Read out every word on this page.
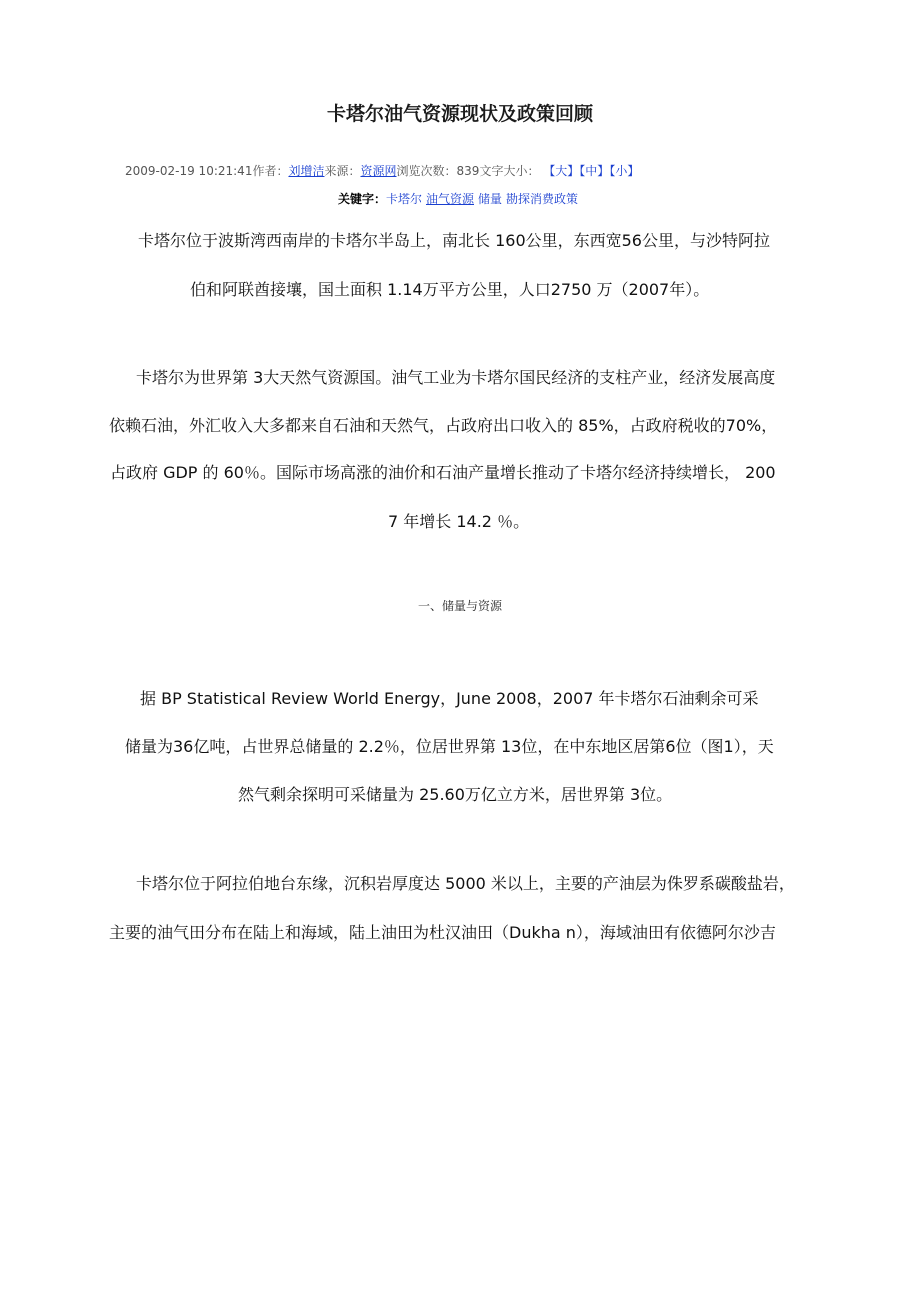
卡塔尔油气资源现状及政策回顾
2009-02-19 10:21:41作者：刘增洁来源：资源网浏览次数：839文字大小： 【大】【中】【小】
关键字：卡塔尔 油气资源 储量 勘探消费政策
卡塔尔位于波斯湾西南岸的卡塔尔半岛上，南北长 160公里，东西宽56公里，与沙特阿拉
伯和阿联酋接壤，国土面积 1.14万平方公里，人口2750 万（2007年）。
卡塔尔为世界第 3大天然气资源国。油气工业为卡塔尔国民经济的支柱产业，经济发展高度
依赖石油，外汇收入大多都来自石油和天然气，占政府出口收入的 85%，占政府税收的70%，
占政府 GDP 的 60％。国际市场高涨的油价和石油产量增长推动了卡塔尔经济持续增长， 200
7 年增长 14.2 ％。
一、储量与资源
据 BP Statistical Review World Energy，June 2008，2007 年卡塔尔石油剩余可采
储量为36亿吨，占世界总储量的 2.2％，位居世界第 13位，在中东地区居第6位（图1），天
然气剩余探明可采储量为 25.60万亿立方米，居世界第 3位。
卡塔尔位于阿拉伯地台东缘，沉积岩厚度达 5000 米以上，主要的产油层为侏罗系碳酸盐岩，
主要的油气田分布在陆上和海域，陆上油田为杜汉油田（Dukha n），海域油田有依德阿尔沙吉
